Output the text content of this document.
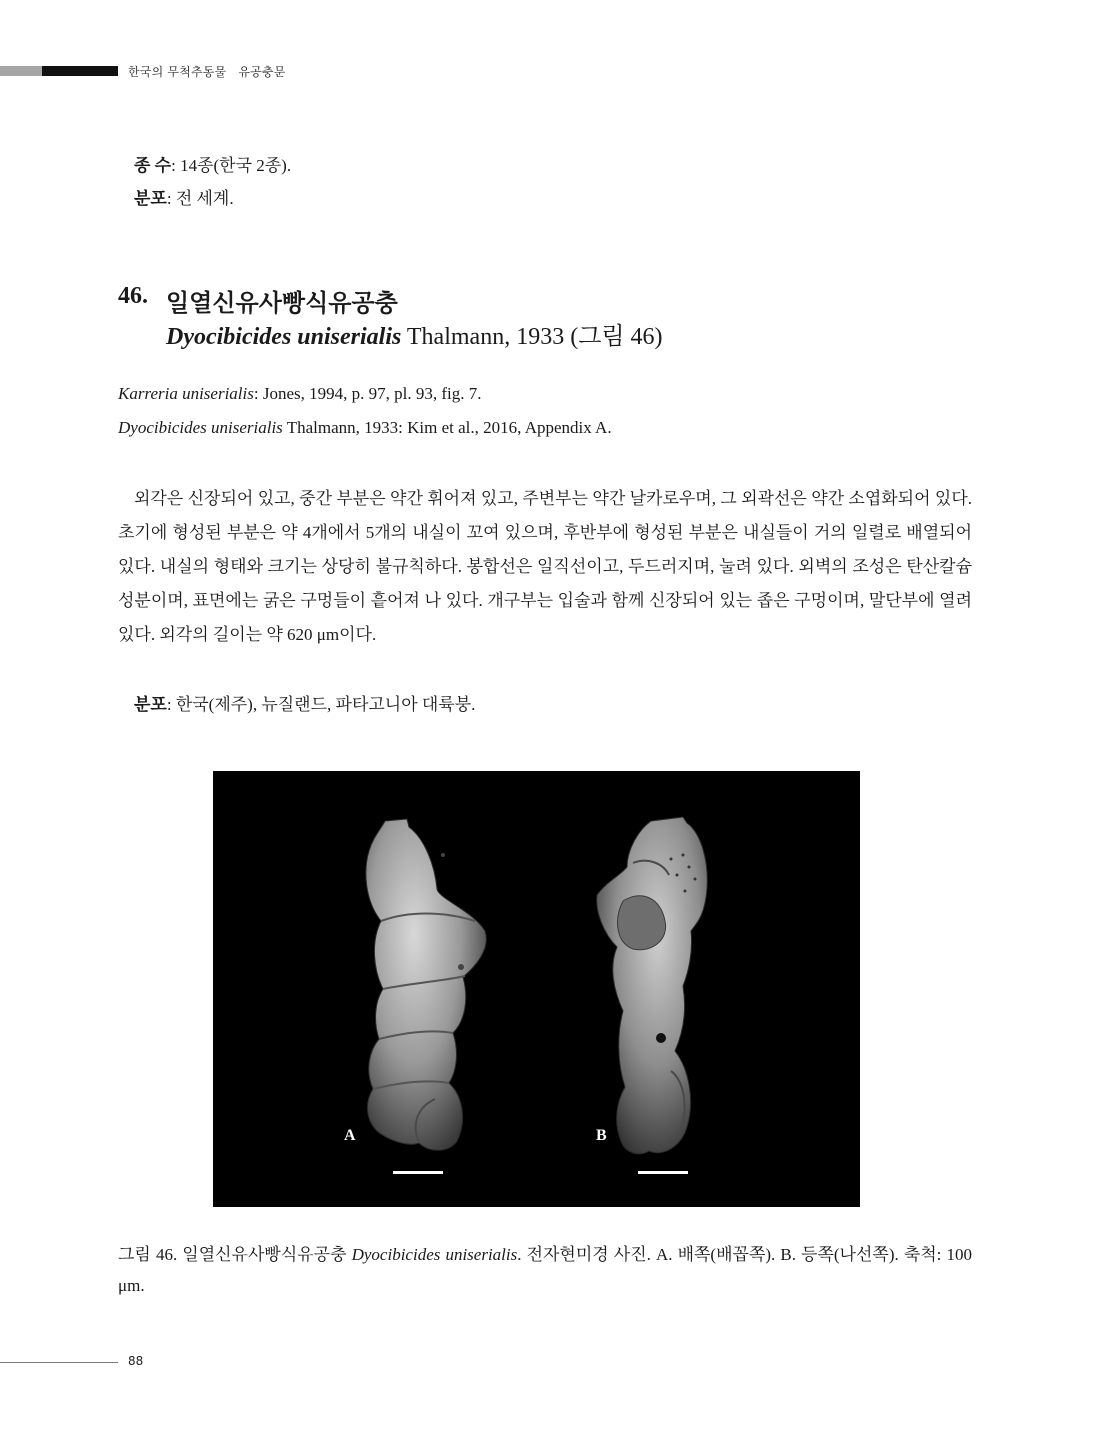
한국의 무척추동물   유공충문
종 수: 14종(한국 2종).
분포: 전 세계.
46. 일열신유사빵식유공충
Dyocibicides uniserialis Thalmann, 1933 (그림 46)
Karreria uniserialis: Jones, 1994, p. 97, pl. 93, fig. 7.
Dyocibicides uniserialis Thalmann, 1933: Kim et al., 2016, Appendix A.
외각은 신장되어 있고, 중간 부분은 약간 휘어져 있고, 주변부는 약간 날카로우며, 그 외곽선은 약간 소엽화되어 있다. 초기에 형성된 부분은 약 4개에서 5개의 내실이 꼬여 있으며, 후반부에 형성된 부분은 내실들이 거의 일렬로 배열되어 있다. 내실의 형태와 크기는 상당히 불규칙하다. 봉합선은 일직선이고, 두드러지며, 눌려 있다. 외벽의 조성은 탄산칼슘 성분이며, 표면에는 굵은 구멍들이 흩어져 나 있다. 개구부는 입술과 함께 신장되어 있는 좁은 구멍이며, 말단부에 열려 있다. 외각의 길이는 약 620 μm이다.
분포: 한국(제주), 뉴질랜드, 파타고니아 대륙붕.
A	B
그림 46. 일열신유사빵식유공충 Dyocibicides uniserialis. 전자현미경 사진. A. 배쪽(배꼽쪽). B. 등쪽(나선쪽). 축척: 100 μm.
88
